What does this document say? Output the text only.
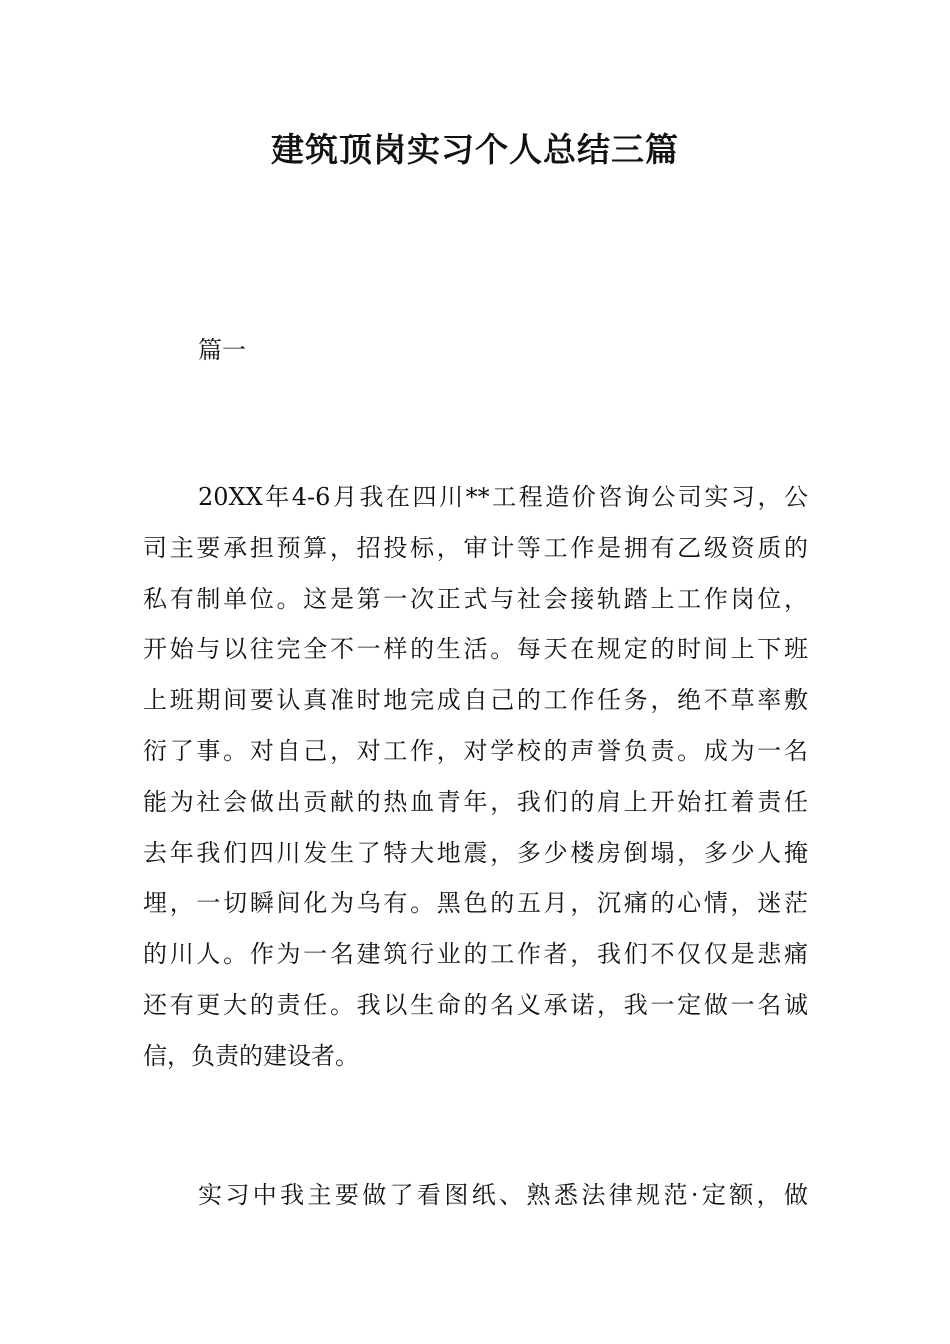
建筑顶岗实习个人总结三篇
篇一
20XX年4-6月我在四川**工程造价咨询公司实习，公
司主要承担预算，招投标，审计等工作是拥有乙级资质的
私有制单位。这是第一次正式与社会接轨踏上工作岗位，
开始与以往完全不一样的生活。每天在规定的时间上下班
上班期间要认真准时地完成自己的工作任务，绝不草率敷
衍了事。对自己，对工作，对学校的声誉负责。成为一名
能为社会做出贡献的热血青年，我们的肩上开始扛着责任
去年我们四川发生了特大地震，多少楼房倒塌，多少人掩
埋，一切瞬间化为乌有。黑色的五月，沉痛的心情，迷茫
的川人。作为一名建筑行业的工作者，我们不仅仅是悲痛
还有更大的责任。我以生命的名义承诺，我一定做一名诚
信，负责的建设者。
实习中我主要做了看图纸、熟悉法律规范·定额，做
